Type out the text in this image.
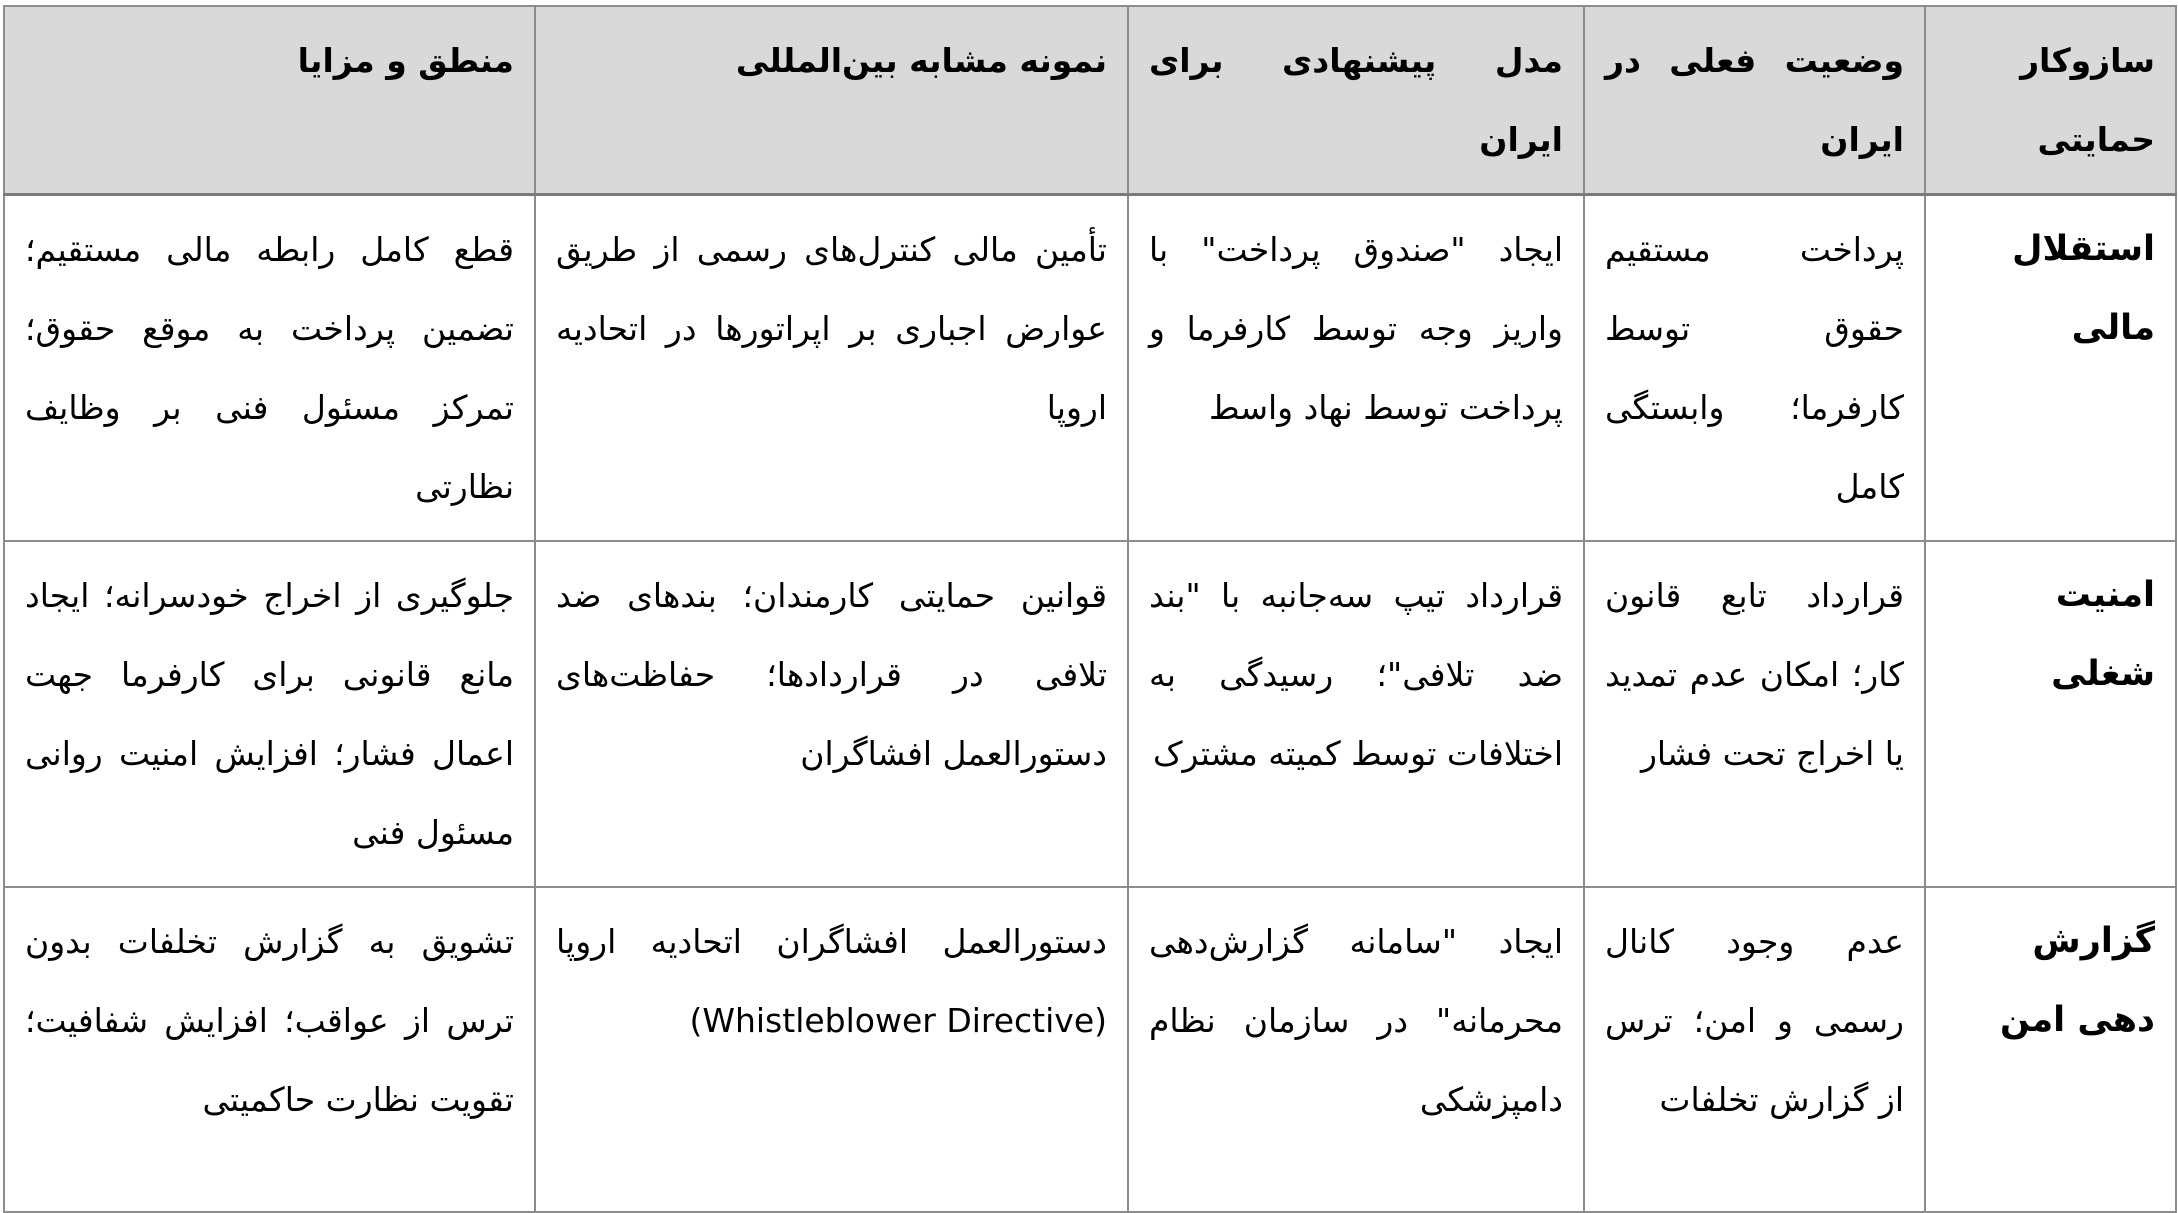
سازوکار حمایتی	وضعیت فعلی در ایران	مدل پیشنهادی برای ایران	نمونه مشابه بین‌المللی	منطق و مزایا
استقلال مالی	پرداخت مستقیم حقوق توسط کارفرما؛ وابستگی کامل	ایجاد "صندوق پرداخت" با واریز وجه توسط کارفرما و پرداخت توسط نهاد واسط	تأمین مالی کنترل‌های رسمی از طریق عوارض اجباری بر اپراتورها در اتحادیه اروپا	قطع کامل رابطه مالی مستقیم؛ تضمین پرداخت به موقع حقوق؛ تمرکز مسئول فنی بر وظایف نظارتی
امنیت شغلی	قرارداد تابع قانون کار؛ امکان عدم تمدید یا اخراج تحت فشار	قرارداد تیپ سه‌جانبه با "بند ضد تلافی"؛ رسیدگی به اختلافات توسط کمیته مشترک	قوانین حمایتی کارمندان؛ بندهای ضد تلافی در قراردادها؛ حفاظت‌های دستورالعمل افشاگران	جلوگیری از اخراج خودسرانه؛ ایجاد مانع قانونی برای کارفرما جهت اعمال فشار؛ افزایش امنیت روانی مسئول فنی
گزارش دهی امن	عدم وجود کانال رسمی و امن؛ ترس از گزارش تخلفات	ایجاد "سامانه گزارش‌دهی محرمانه" در سازمان نظام دامپزشکی	دستورالعمل افشاگران اتحادیه اروپا (Whistleblower Directive)	تشویق به گزارش تخلفات بدون ترس از عواقب؛ افزایش شفافیت؛ تقویت نظارت حاکمیتی
